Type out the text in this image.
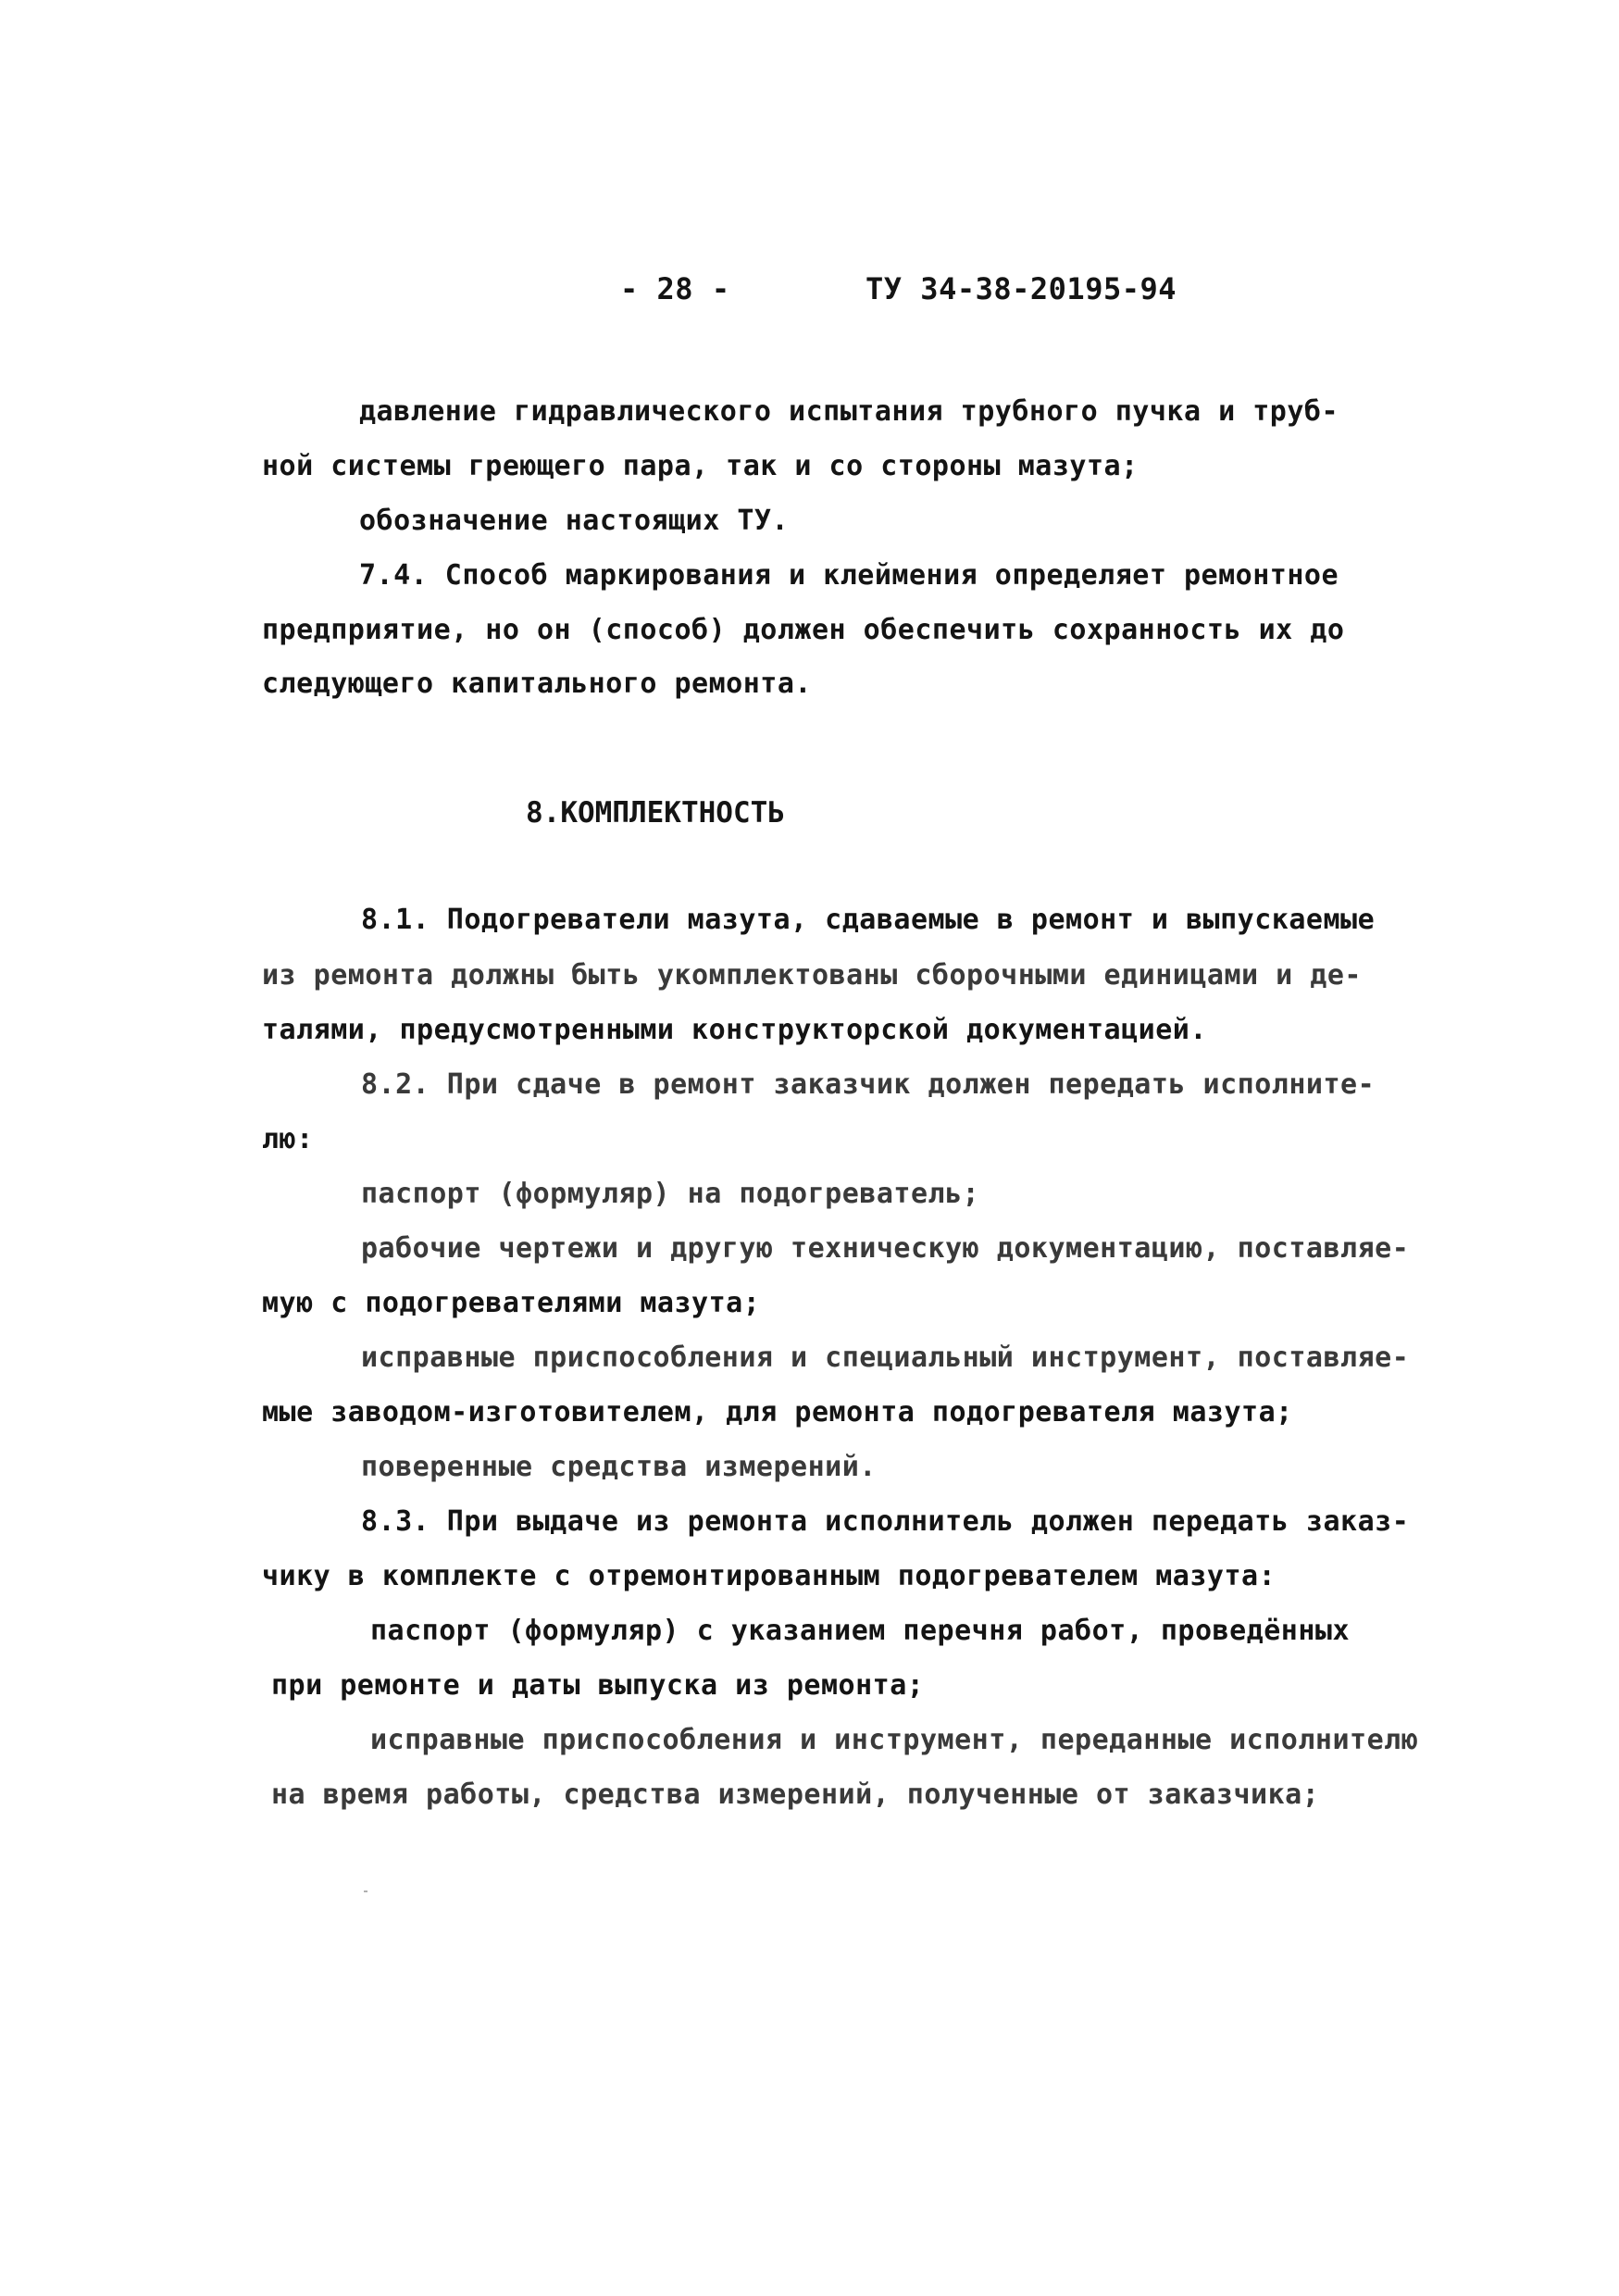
- 28 -	ТУ 34-38-20195-94
давление гидравлического испытания трубного пучка и труб-
ной системы греющего пара, так и со стороны мазута;
обозначение настоящих ТУ.
7.4. Способ маркирования и клеймения определяет ремонтное
предприятие, но он (способ) должен обеспечить сохранность их до
следующего капитального ремонта.
8.КОМПЛЕКТНОСТЬ
8.1. Подогреватели мазута, сдаваемые в ремонт и выпускаемые
из ремонта должны быть укомплектованы сборочными единицами и де-
талями, предусмотренными конструкторской документацией.
8.2. При сдаче в ремонт заказчик должен передать исполните-
лю:
паспорт (формуляр) на подогреватель;
рабочие чертежи и другую техническую документацию, поставляе-
мую с подогревателями мазута;
исправные приспособления и специальный инструмент, поставляе-
мые заводом-изготовителем, для ремонта подогревателя мазута;
поверенные средства измерений.
8.3. При выдаче из ремонта исполнитель должен передать заказ-
чику в комплекте с отремонтированным подогревателем мазута:
паспорт (формуляр) с указанием перечня работ, проведённых
при ремонте и даты выпуска из ремонта;
исправные приспособления и инструмент, переданные исполнителю
на время работы, средства измерений, полученные от заказчика;
